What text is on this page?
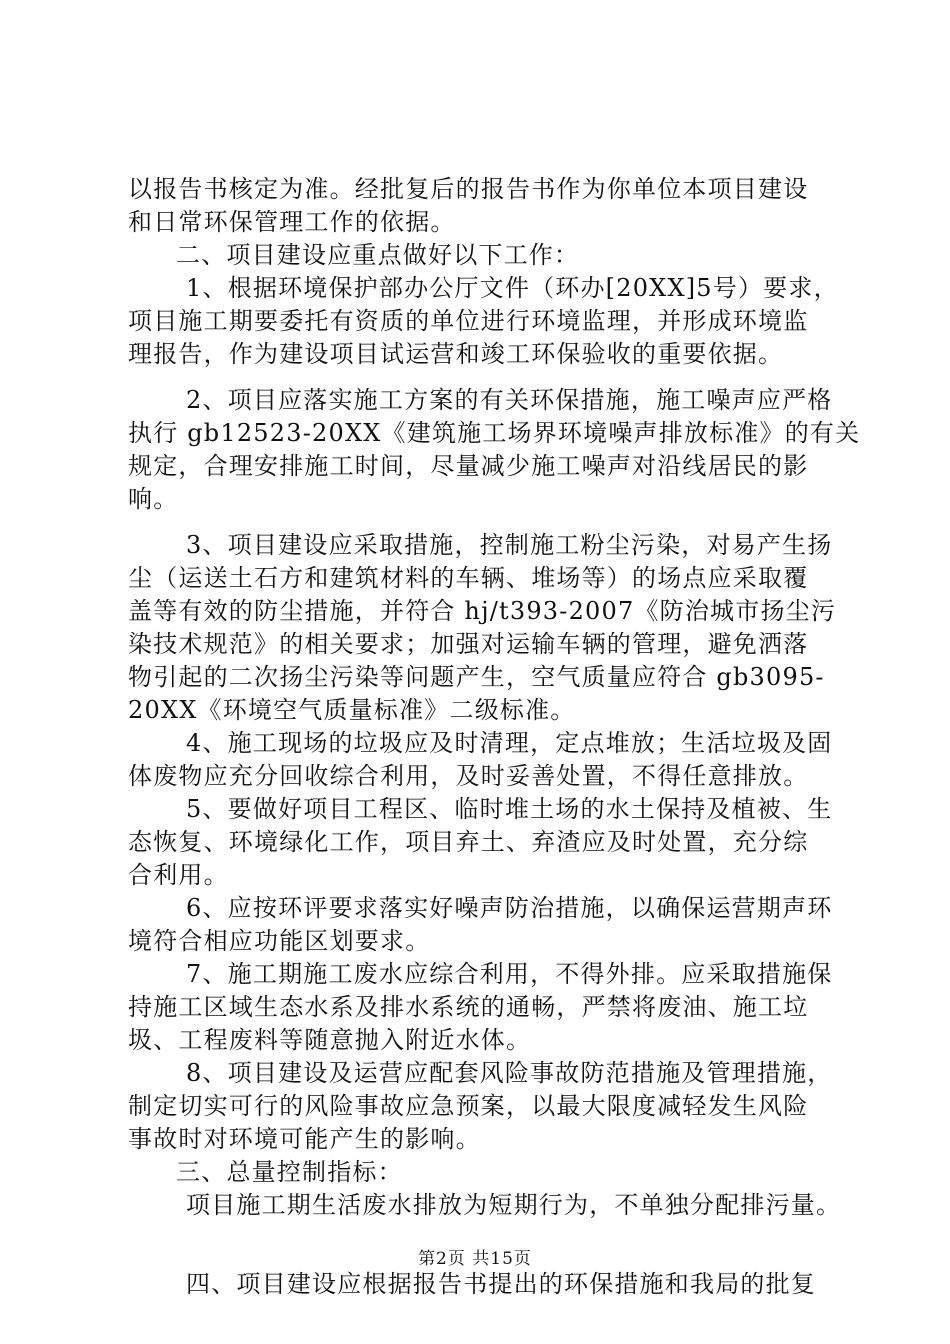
以报告书核定为准。经批复后的报告书作为你单位本项目建设
和日常环保管理工作的依据。
二、项目建设应重点做好以下工作：
1、根据环境保护部办公厅文件（环办[20XX]5号）要求，
项目施工期要委托有资质的单位进行环境监理，并形成环境监
理报告，作为建设项目试运营和竣工环保验收的重要依据。
2、项目应落实施工方案的有关环保措施，施工噪声应严格
执行 gb12523-20XX《建筑施工场界环境噪声排放标准》的有关
规定，合理安排施工时间，尽量减少施工噪声对沿线居民的影
响。
3、项目建设应采取措施，控制施工粉尘污染，对易产生扬
尘（运送土石方和建筑材料的车辆、堆场等）的场点应采取覆
盖等有效的防尘措施，并符合 hj/t393-2007《防治城市扬尘污
染技术规范》的相关要求；加强对运输车辆的管理，避免洒落
物引起的二次扬尘污染等问题产生，空气质量应符合 gb3095-
20XX《环境空气质量标准》二级标准。
4、施工现场的垃圾应及时清理，定点堆放；生活垃圾及固
体废物应充分回收综合利用，及时妥善处置，不得任意排放。
5、要做好项目工程区、临时堆土场的水土保持及植被、生
态恢复、环境绿化工作，项目弃土、弃渣应及时处置，充分综
合利用。
6、应按环评要求落实好噪声防治措施，以确保运营期声环
境符合相应功能区划要求。
7、施工期施工废水应综合利用，不得外排。应采取措施保
持施工区域生态水系及排水系统的通畅，严禁将废油、施工垃
圾、工程废料等随意抛入附近水体。
8、项目建设及运营应配套风险事故防范措施及管理措施，
制定切实可行的风险事故应急预案，以最大限度减轻发生风险
事故时对环境可能产生的影响。
三、总量控制指标：
项目施工期生活废水排放为短期行为，不单独分配排污量。
四、项目建设应根据报告书提出的环保措施和我局的批复
第2页 共15页
